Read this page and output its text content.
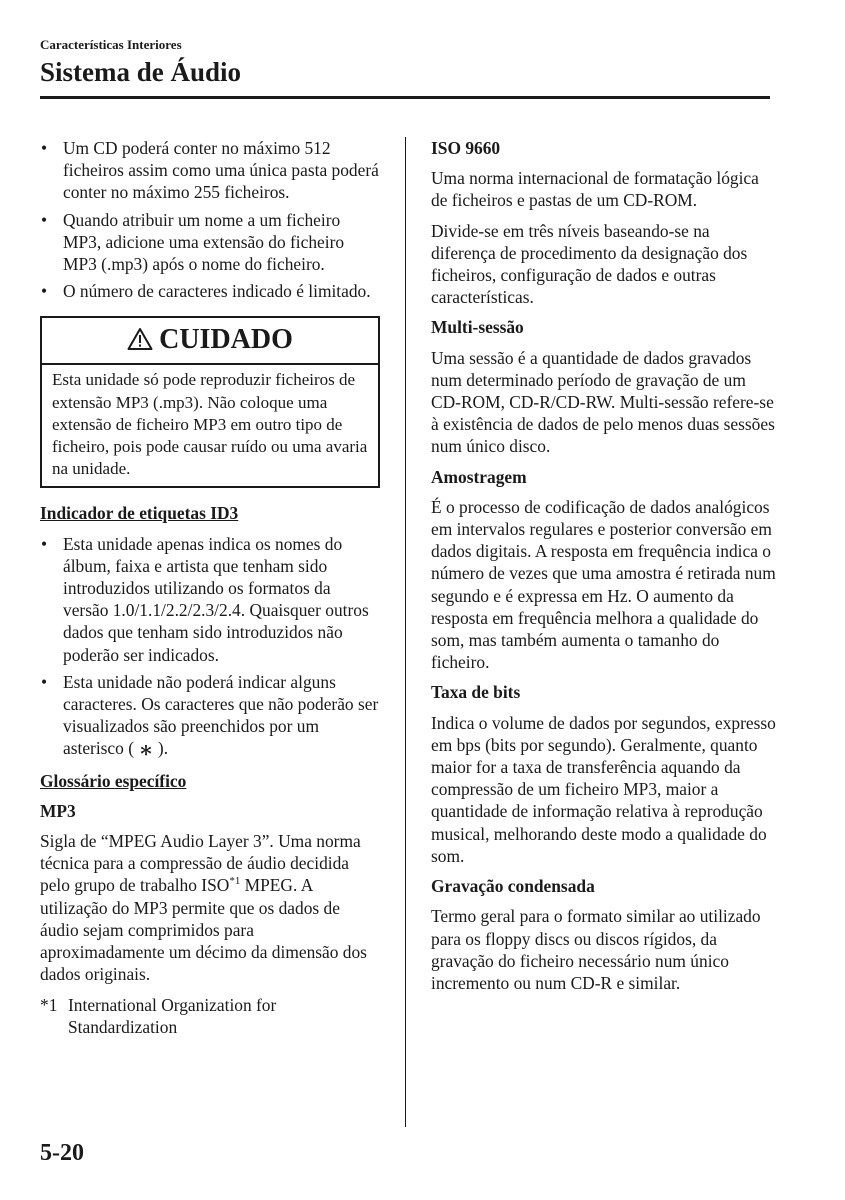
Características Interiores
Sistema de Áudio
• Um CD poderá conter no máximo 512 ficheiros assim como uma única pasta poderá conter no máximo 255 ficheiros.
• Quando atribuir um nome a um ficheiro MP3, adicione uma extensão do ficheiro MP3 (.mp3) após o nome do ficheiro.
• O número de caracteres indicado é limitado.
CUIDADO
Esta unidade só pode reproduzir ficheiros de extensão MP3 (.mp3). Não coloque uma extensão de ficheiro MP3 em outro tipo de ficheiro, pois pode causar ruído ou uma avaria na unidade.
Indicador de etiquetas ID3
• Esta unidade apenas indica os nomes do álbum, faixa e artista que tenham sido introduzidos utilizando os formatos da versão 1.0/1.1/2.2/2.3/2.4. Quaisquer outros dados que tenham sido introduzidos não poderão ser indicados.
• Esta unidade não poderá indicar alguns caracteres. Os caracteres que não poderão ser visualizados são preenchidos por um asterisco ( ∗ ).
Glossário específico
MP3
Sigla de “MPEG Audio Layer 3”. Uma norma técnica para a compressão de áudio decidida pelo grupo de trabalho ISO$^{*1}$ MPEG. A utilização do MP3 permite que os dados de áudio sejam comprimidos para aproximadamente um décimo da dimensão dos dados originais.
*1 International Organization for Standardization
ISO 9660
Uma norma internacional de formatação lógica de ficheiros e pastas de um CD-ROM.
Divide-se em três níveis baseando-se na diferença de procedimento da designação dos ficheiros, configuração de dados e outras características.
Multi-sessão
Uma sessão é a quantidade de dados gravados num determinado período de gravação de um CD-ROM, CD-R/CD-RW. Multi-sessão refere-se à existência de dados de pelo menos duas sessões num único disco.
Amostragem
É o processo de codificação de dados analógicos em intervalos regulares e posterior conversão em dados digitais. A resposta em frequência indica o número de vezes que uma amostra é retirada num segundo e é expressa em Hz. O aumento da resposta em frequência melhora a qualidade do som, mas também aumenta o tamanho do ficheiro.
Taxa de bits
Indica o volume de dados por segundos, expresso em bps (bits por segundo). Geralmente, quanto maior for a taxa de transferência aquando da compressão de um ficheiro MP3, maior a quantidade de informação relativa à reprodução musical, melhorando deste modo a qualidade do som.
Gravação condensada
Termo geral para o formato similar ao utilizado para os floppy discs ou discos rígidos, da gravação do ficheiro necessário num único incremento ou num CD-R e similar.
5-20
